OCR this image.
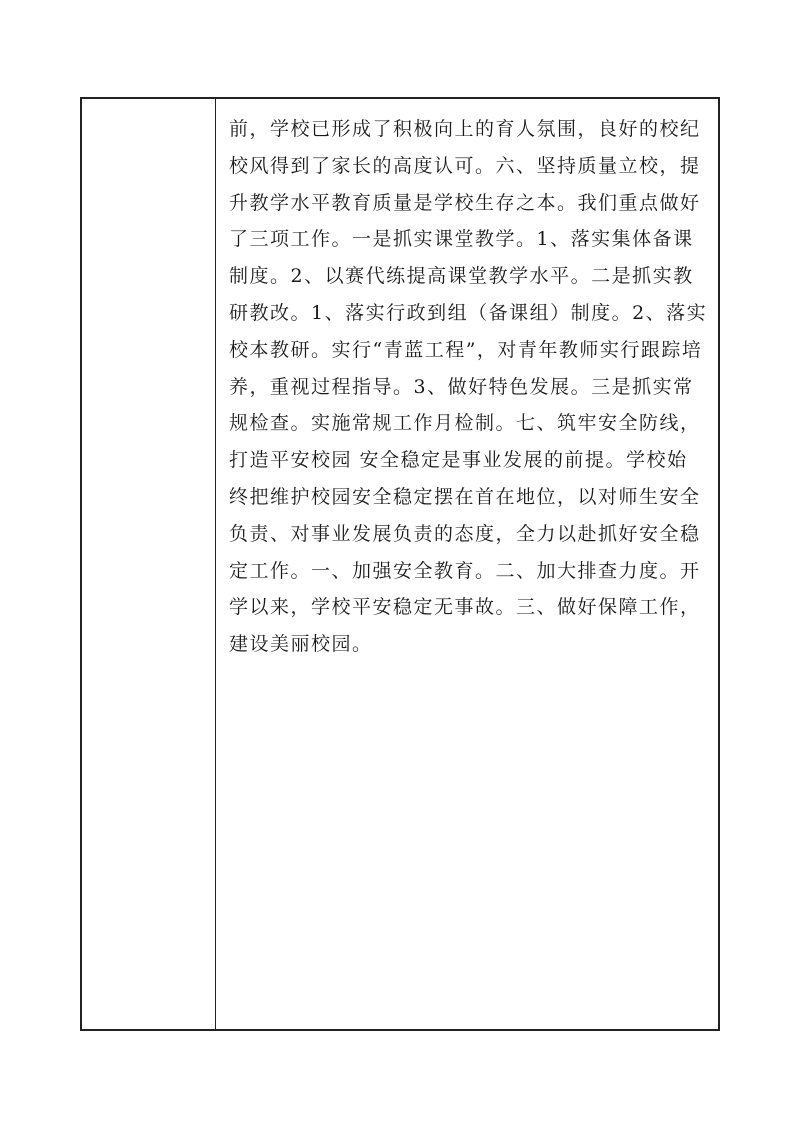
前，学校已形成了积极向上的育人氛围，良好的校纪
校风得到了家长的高度认可。六、坚持质量立校，提
升教学水平教育质量是学校生存之本。我们重点做好
了三项工作。一是抓实课堂教学。1、落实集体备课
制度。2、以赛代练提高课堂教学水平。二是抓实教
研教改。1、落实行政到组（备课组）制度。2、落实
校本教研。实行“青蓝工程”，对青年教师实行跟踪培
养，重视过程指导。3、做好特色发展。三是抓实常
规检查。实施常规工作月检制。七、筑牢安全防线，
打造平安校园 安全稳定是事业发展的前提。学校始
终把维护校园安全稳定摆在首在地位，以对师生安全
负责、对事业发展负责的态度，全力以赴抓好安全稳
定工作。一、加强安全教育。二、加大排查力度。开
学以来，学校平安稳定无事故。三、做好保障工作，
建设美丽校园。
